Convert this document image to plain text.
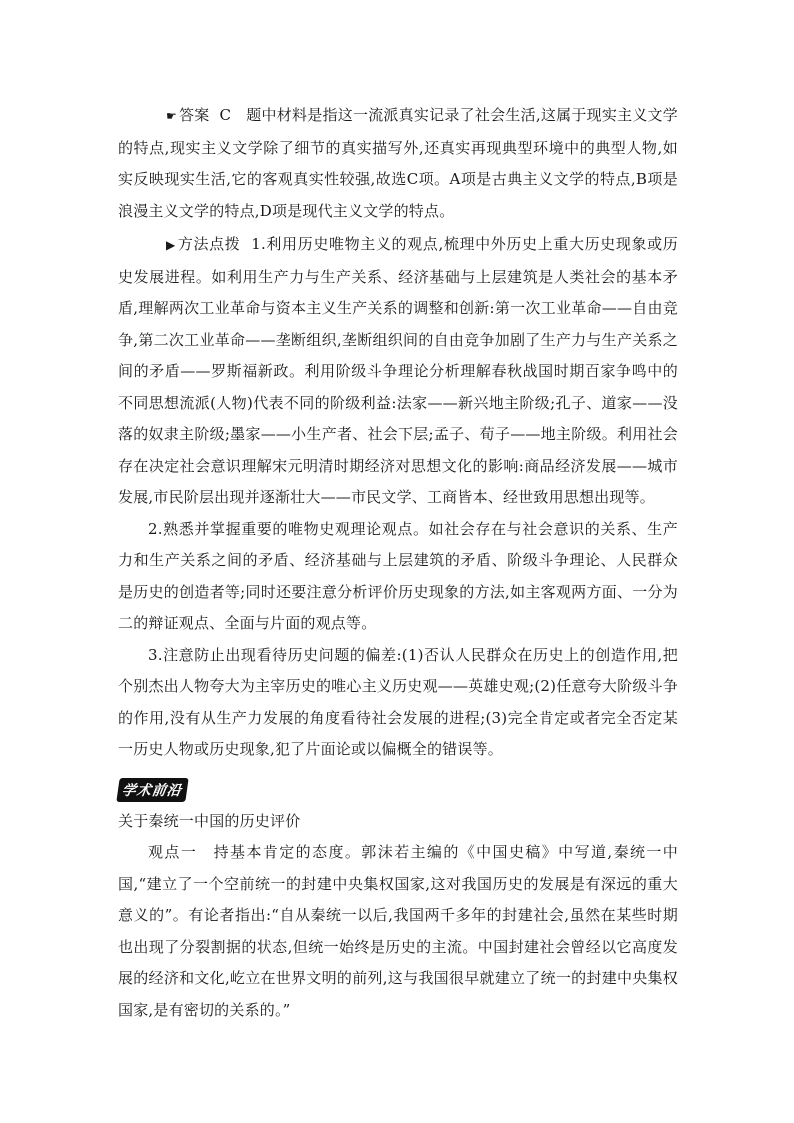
☛ 答案 C 题中材料是指这一流派真实记录了社会生活,这属于现实主义文学的特点,现实主义文学除了细节的真实描写外,还真实再现典型环境中的典型人物,如实反映现实生活,它的客观真实性较强,故选C项。A项是古典主义文学的特点,B项是浪漫主义文学的特点,D项是现代主义文学的特点。

▶ 方法点拨 1.利用历史唯物主义的观点,梳理中外历史上重大历史现象或历史发展进程。如利用生产力与生产关系、经济基础与上层建筑是人类社会的基本矛盾,理解两次工业革命与资本主义生产关系的调整和创新:第一次工业革命——自由竞争,第二次工业革命——垄断组织,垄断组织间的自由竞争加剧了生产力与生产关系之间的矛盾——罗斯福新政。利用阶级斗争理论分析理解春秋战国时期百家争鸣中的不同思想流派(人物)代表不同的阶级利益:法家——新兴地主阶级;孔子、道家——没落的奴隶主阶级;墨家——小生产者、社会下层;孟子、荀子——地主阶级。利用社会存在决定社会意识理解宋元明清时期经济对思想文化的影响:商品经济发展——城市发展,市民阶层出现并逐渐壮大——市民文学、工商皆本、经世致用思想出现等。

2.熟悉并掌握重要的唯物史观理论观点。如社会存在与社会意识的关系、生产力和生产关系之间的矛盾、经济基础与上层建筑的矛盾、阶级斗争理论、人民群众是历史的创造者等;同时还要注意分析评价历史现象的方法,如主客观两方面、一分为二的辩证观点、全面与片面的观点等。

3.注意防止出现看待历史问题的偏差:(1)否认人民群众在历史上的创造作用,把个别杰出人物夸大为主宰历史的唯心主义历史观——英雄史观;(2)任意夸大阶级斗争的作用,没有从生产力发展的角度看待社会发展的进程;(3)完全肯定或者完全否定某一历史人物或历史现象,犯了片面论或以偏概全的错误等。

学术前沿

关于秦统一中国的历史评价

观点一　持基本肯定的态度。郭沫若主编的《中国史稿》中写道,秦统一中国,“建立了一个空前统一的封建中央集权国家,这对我国历史的发展是有深远的重大意义的”。有论者指出:“自从秦统一以后,我国两千多年的封建社会,虽然在某些时期也出现了分裂割据的状态,但统一始终是历史的主流。中国封建社会曾经以它高度发展的经济和文化,屹立在世界文明的前列,这与我国很早就建立了统一的封建中央集权国家,是有密切的关系的。”
